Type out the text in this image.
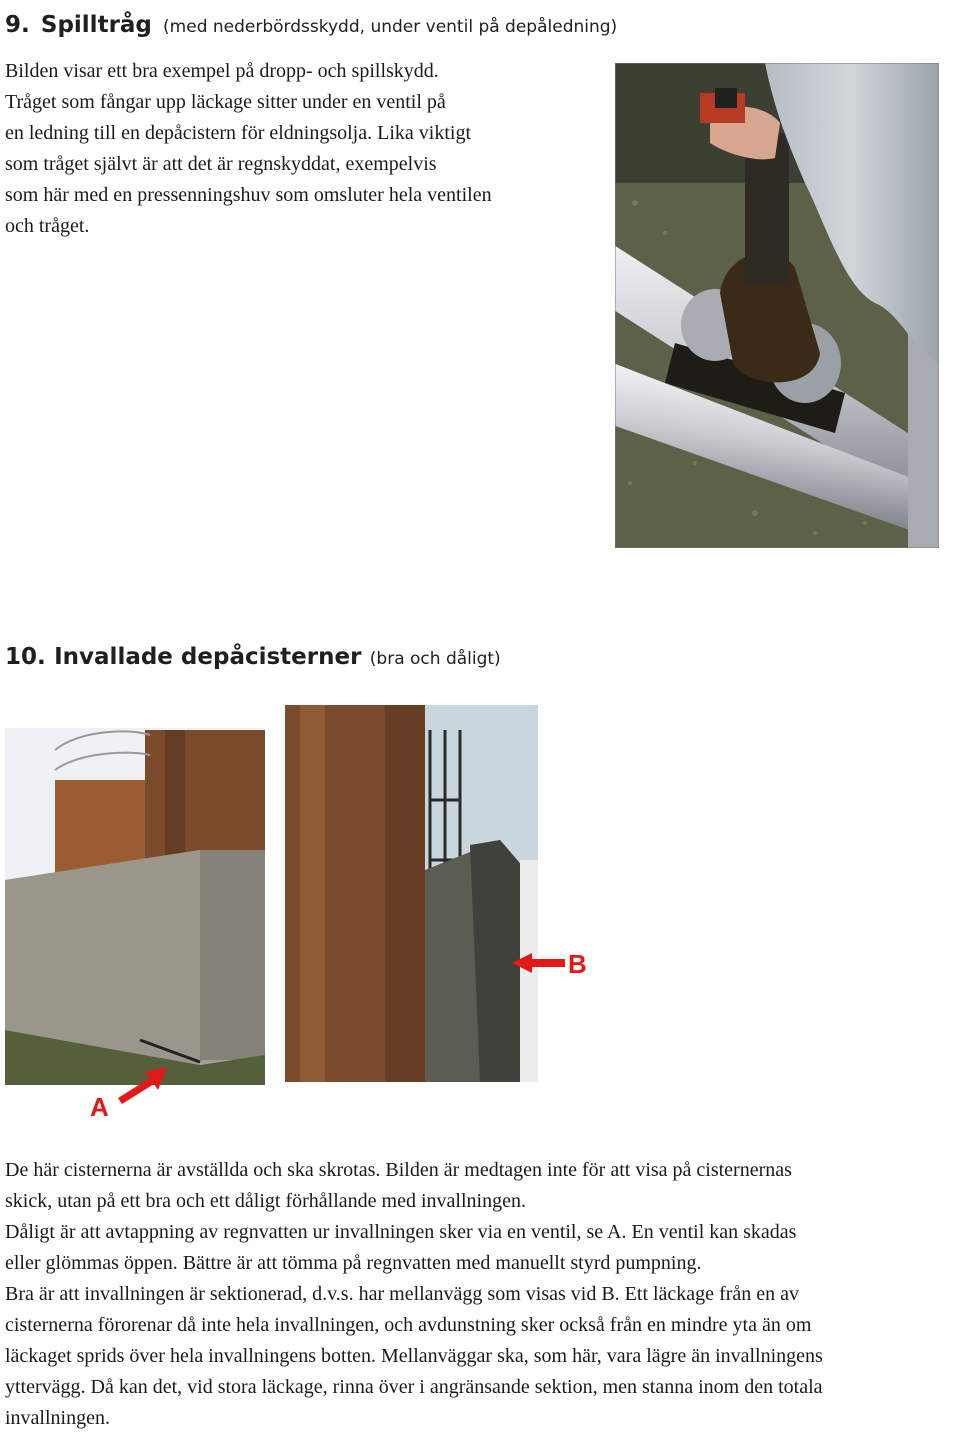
9. Spilltråg (med nederbördsskydd, under ventil på depåledning)
Bilden visar ett bra exempel på dropp- och spillskydd.
Tråget som fångar upp läckage sitter under en ventil på
en ledning till en depåcistern för eldningsolja. Lika viktigt
som tråget självt är att det är regnskyddat, exempelvis
som här med en pressenningshuv som omsluter hela ventilen
och tråget.
10. Invallade depåcisterner (bra och dåligt)
A
B
De här cisternerna är avställda och ska skrotas. Bilden är medtagen inte för att visa på cisternernas
skick, utan på ett bra och ett dåligt förhållande med invallningen.
Dåligt är att avtappning av regnvatten ur invallningen sker via en ventil, se A. En ventil kan skadas
eller glömmas öppen. Bättre är att tömma på regnvatten med manuellt styrd pumpning.
Bra är att invallningen är sektionerad, d.v.s. har mellanvägg som visas vid B. Ett läckage från en av
cisternerna förorenar då inte hela invallningen, och avdunstning sker också från en mindre yta än om
läckaget sprids över hela invallningens botten. Mellanväggar ska, som här, vara lägre än invallningens
yttervägg. Då kan det, vid stora läckage, rinna över i angränsande sektion, men stanna inom den totala
invallningen.
